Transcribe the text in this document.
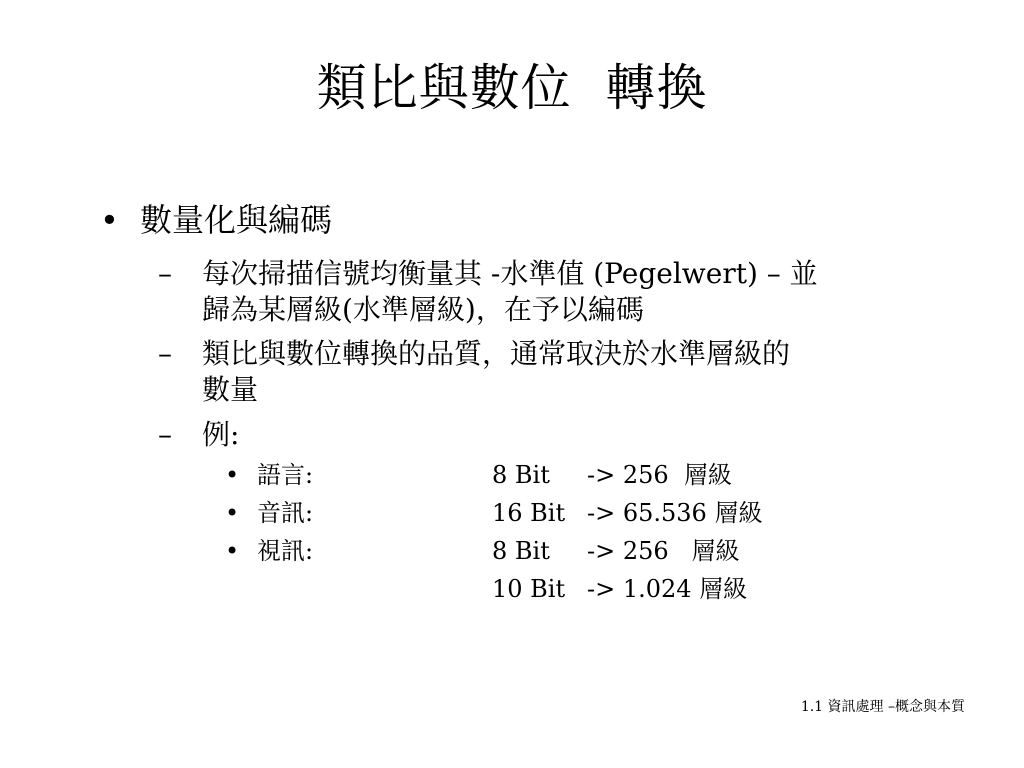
類比與數位  轉換
• 數量化與編碼
– 每次掃描信號均衡量其 -水準值 (Pegelwert) – 並
歸為某層級(水準層級)，在予以編碼
– 類比與數位轉換的品質，通常取決於水準層級的
數量
– 例:
• 語言:	8 Bit -> 256  層級
• 音訊:	16 Bit -> 65.536 層級
• 視訊:	8 Bit -> 256   層級
10 Bit -> 1.024 層級
1.1 資訊處理 –概念與本質
